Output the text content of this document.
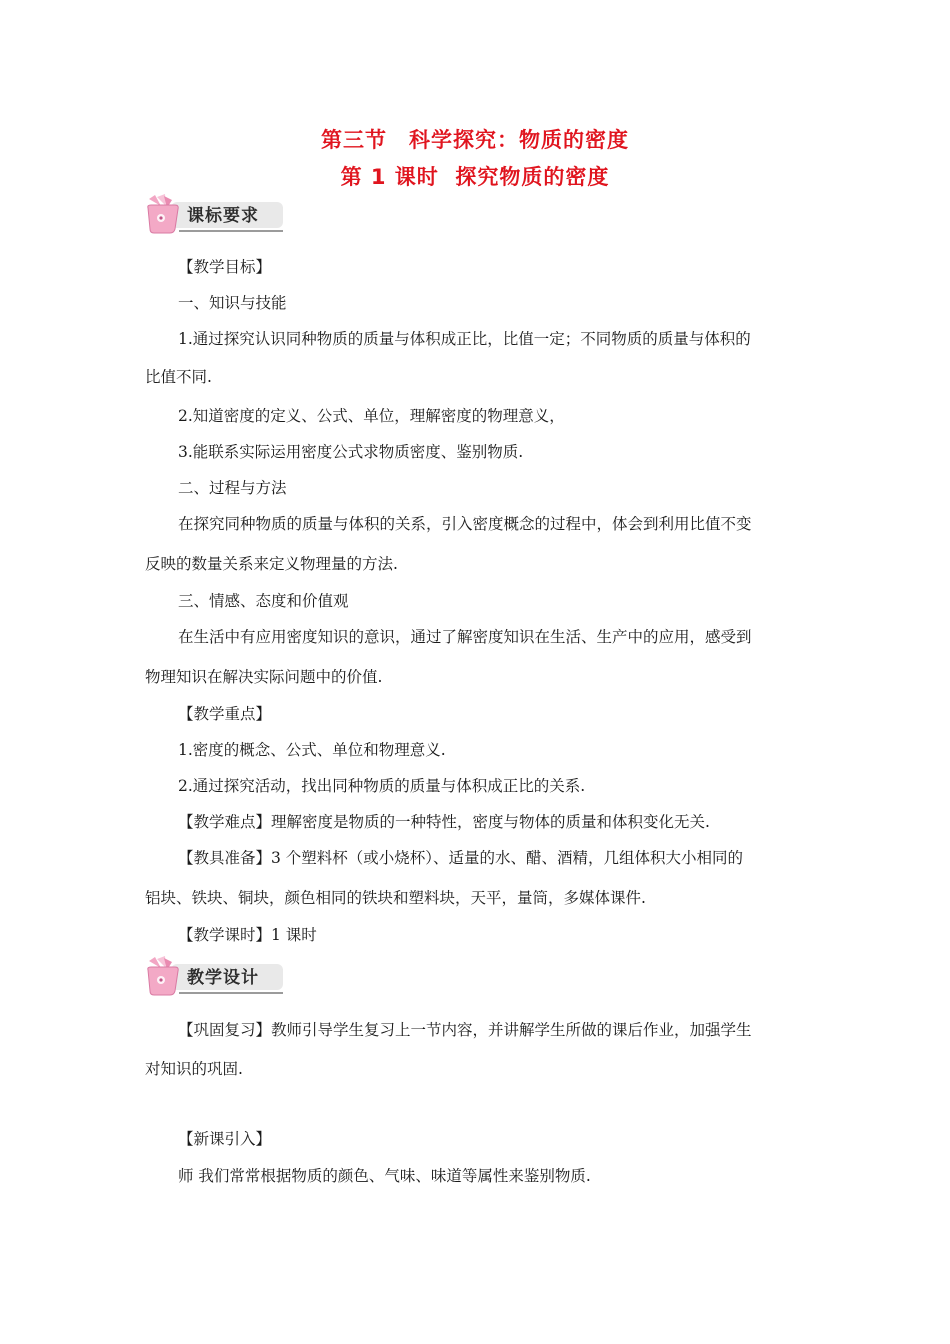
第三节　科学探究：物质的密度
第 1 课时  探究物质的密度
课标要求
【教学目标】
一、知识与技能
1.通过探究认识同种物质的质量与体积成正比，比值一定；不同物质的质量与体积的
比值不同.
2.知道密度的定义、公式、单位，理解密度的物理意义，
3.能联系实际运用密度公式求物质密度、鉴别物质.
二、过程与方法
在探究同种物质的质量与体积的关系，引入密度概念的过程中，体会到利用比值不变
反映的数量关系来定义物理量的方法.
三、情感、态度和价值观
在生活中有应用密度知识的意识，通过了解密度知识在生活、生产中的应用，感受到
物理知识在解决实际问题中的价值.
【教学重点】
1.密度的概念、公式、单位和物理意义.
2.通过探究活动，找出同种物质的质量与体积成正比的关系.
【教学难点】理解密度是物质的一种特性，密度与物体的质量和体积变化无关.
【教具准备】3 个塑料杯（或小烧杯）、适量的水、醋、酒精，几组体积大小相同的
铝块、铁块、铜块，颜色相同的铁块和塑料块，天平，量筒，多媒体课件.
【教学课时】1 课时
教学设计
【巩固复习】教师引导学生复习上一节内容，并讲解学生所做的课后作业，加强学生
对知识的巩固.
【新课引入】
师 我们常常根据物质的颜色、气味、味道等属性来鉴别物质.
